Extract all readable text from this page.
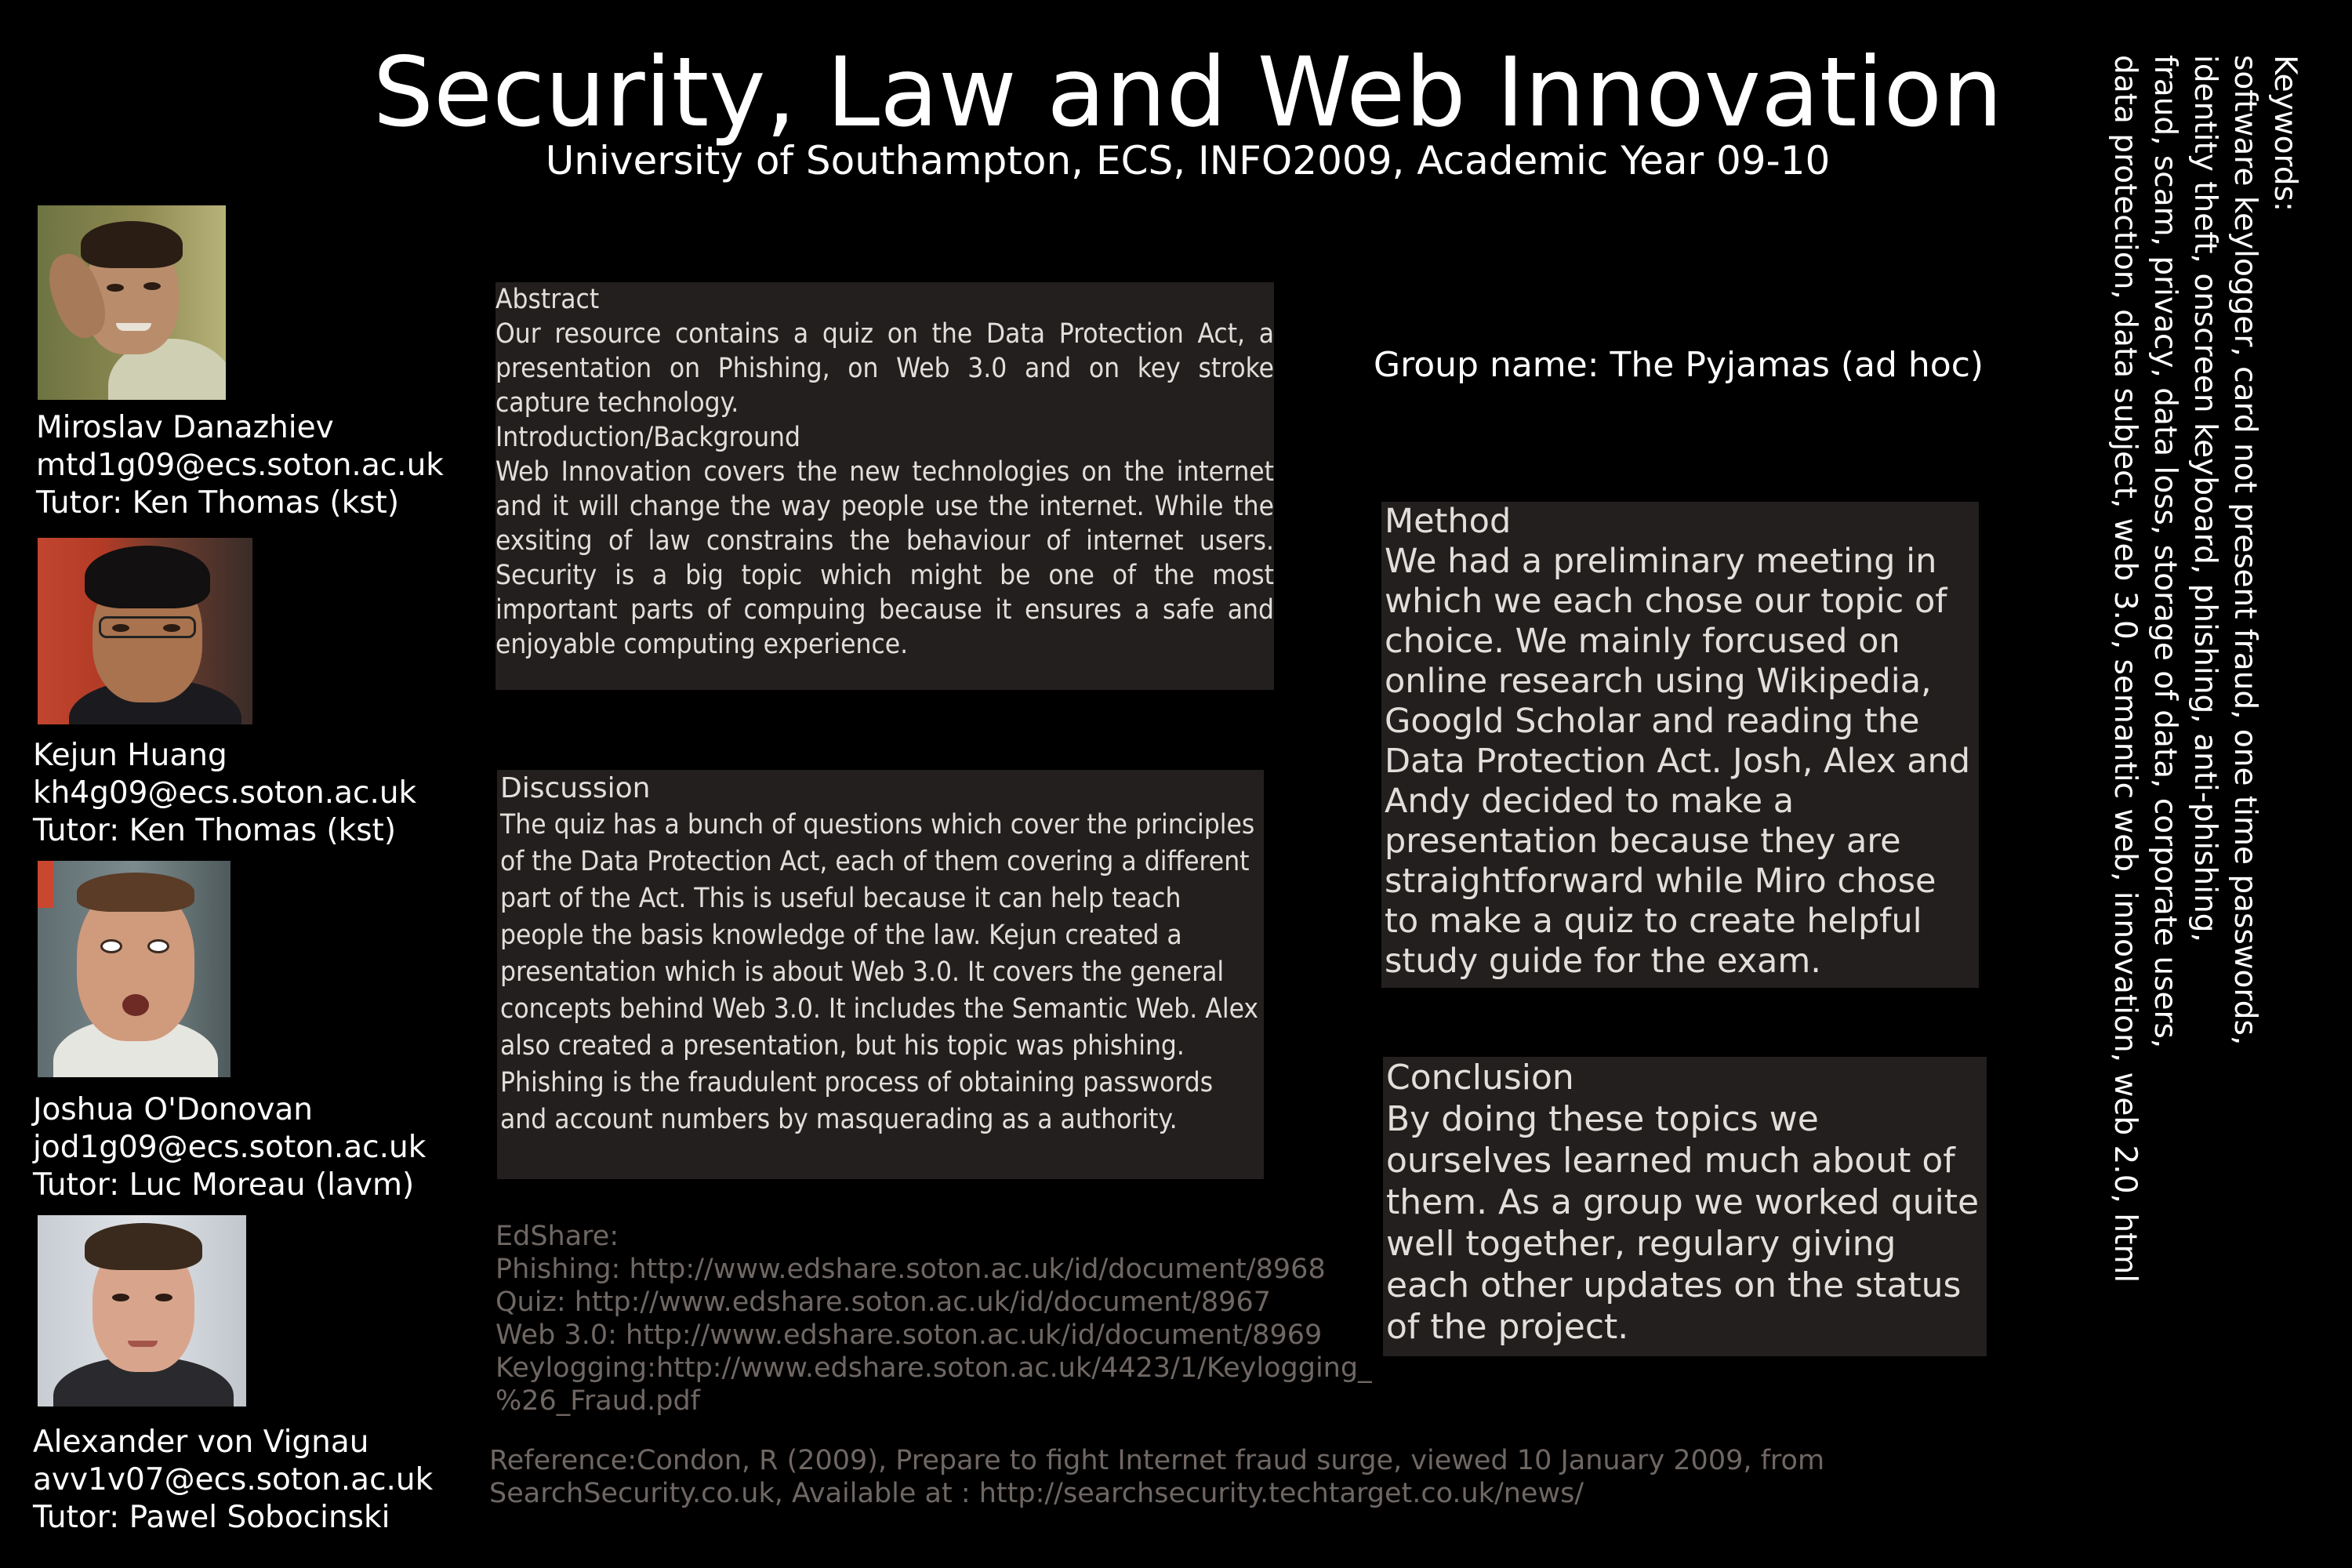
Security, Law and Web Innovation
University of Southampton, ECS, INFO2009, Academic Year 09-10
Miroslav Danazhiev
mtd1g09@ecs.soton.ac.uk
Tutor: Ken Thomas (kst)
Kejun Huang
kh4g09@ecs.soton.ac.uk
Tutor: Ken Thomas (kst)
Joshua O'Donovan
jod1g09@ecs.soton.ac.uk
Tutor: Luc Moreau (lavm)
Alexander von Vignau
avv1v07@ecs.soton.ac.uk
Tutor: Pawel Sobocinski

Abstract

Our resource contains a quiz on the Data Protection Act, a presentation on Phishing, on Web 3.0 and on key stroke capture technology.

Introduction/Background

Web Innovation covers the new technologies on the internet and it will change the way people use the internet. While the exsiting of law constrains the behaviour of internet users. Security is a big topic which might be one of the most important parts of compuing because it ensures a safe and enjoyable computing experience.

Discussion
The quiz has a bunch of questions which cover the principles of the Data Protection Act, each of them covering a different part of the Act. This is useful because it can help teach people the basis knowledge of the law. Kejun created a presentation which is about Web 3.0. It covers the general concepts behind Web 3.0. It includes the Semantic Web. Alex also created a presentation, but his topic was phishing. Phishing is the fraudulent process of obtaining passwords and account numbers by masquerading as a authority.
Group name: The Pyjamas (ad hoc)

Method

We had a preliminary meeting in which we each chose our topic of choice. We mainly forcused on online research using Wikipedia, Googld Scholar and reading the Data Protection Act. Josh, Alex and Andy decided to make a presentation because they are straightforward while Miro chose to make a quiz to create helpful study guide for the exam.

Conclusion

By doing these topics we ourselves learned much about of them. As a group we worked quite well together, regulary giving each other updates on the status of the project.

EdShare:
Phishing: http://www.edshare.soton.ac.uk/id/document/8968
Quiz: http://www.edshare.soton.ac.uk/id/document/8967
Web 3.0: http://www.edshare.soton.ac.uk/id/document/8969
Keylogging:http://www.edshare.soton.ac.uk/4423/1/Keylogging_
%26_Fraud.pdf
Reference:Condon, R (2009), Prepare to fight Internet fraud surge, viewed 10 January 2009, from
SearchSecurity.co.uk, Available at : http://searchsecurity.techtarget.co.uk/news/
Keywords:
software keylogger, card not present fraud, one time passwords,
identity theft, onscreen keyboard, phishing, anti-phishing,
fraud, scam, privacy, data loss, storage of data, corporate users,
data protection, data subject, web 3.0, semantic web, innovation, web 2.0, html
